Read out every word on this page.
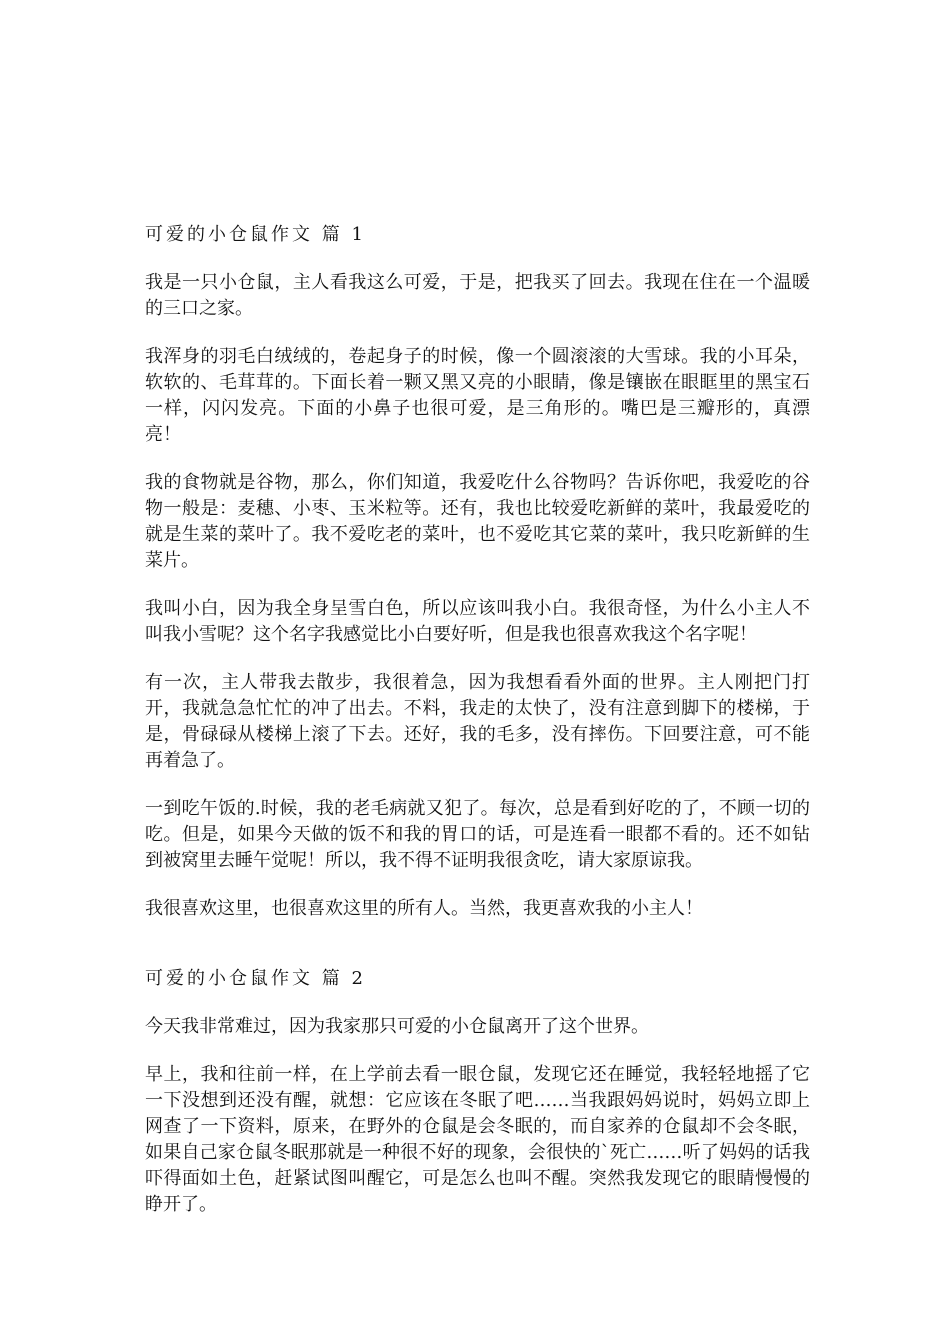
可爱的小仓鼠作文 篇 1

我是一只小仓鼠，主人看我这么可爱，于是，把我买了回去。我现在住在一个温暖的三口之家。

我浑身的羽毛白绒绒的，卷起身子的时候，像一个圆滚滚的大雪球。我的小耳朵，软软的、毛茸茸的。下面长着一颗又黑又亮的小眼睛，像是镶嵌在眼眶里的黑宝石一样，闪闪发亮。下面的小鼻子也很可爱，是三角形的。嘴巴是三瓣形的，真漂亮！

我的食物就是谷物，那么，你们知道，我爱吃什么谷物吗？告诉你吧，我爱吃的谷物一般是：麦穗、小枣、玉米粒等。还有，我也比较爱吃新鲜的菜叶，我最爱吃的就是生菜的菜叶了。我不爱吃老的菜叶，也不爱吃其它菜的菜叶，我只吃新鲜的生菜片。

我叫小白，因为我全身呈雪白色，所以应该叫我小白。我很奇怪，为什么小主人不叫我小雪呢？这个名字我感觉比小白要好听，但是我也很喜欢我这个名字呢！

有一次，主人带我去散步，我很着急，因为我想看看外面的世界。主人刚把门打开，我就急急忙忙的冲了出去。不料，我走的太快了，没有注意到脚下的楼梯，于是，骨碌碌从楼梯上滚了下去。还好，我的毛多，没有摔伤。下回要注意，可不能再着急了。

一到吃午饭的.时候，我的老毛病就又犯了。每次，总是看到好吃的了，不顾一切的吃。但是，如果今天做的饭不和我的胃口的话，可是连看一眼都不看的。还不如钻到被窝里去睡午觉呢！所以，我不得不证明我很贪吃，请大家原谅我。

我很喜欢这里，也很喜欢这里的所有人。当然，我更喜欢我的小主人！

可爱的小仓鼠作文 篇 2

今天我非常难过，因为我家那只可爱的小仓鼠离开了这个世界。

早上，我和往前一样，在上学前去看一眼仓鼠，发现它还在睡觉，我轻轻地摇了它一下没想到还没有醒，就想：它应该在冬眠了吧……当我跟妈妈说时，妈妈立即上网查了一下资料，原来，在野外的仓鼠是会冬眠的，而自家养的仓鼠却不会冬眠，如果自己家仓鼠冬眠那就是一种很不好的现象，会很快的`死亡……听了妈妈的话我吓得面如土色，赶紧试图叫醒它，可是怎么也叫不醒。突然我发现它的眼睛慢慢的睁开了。
